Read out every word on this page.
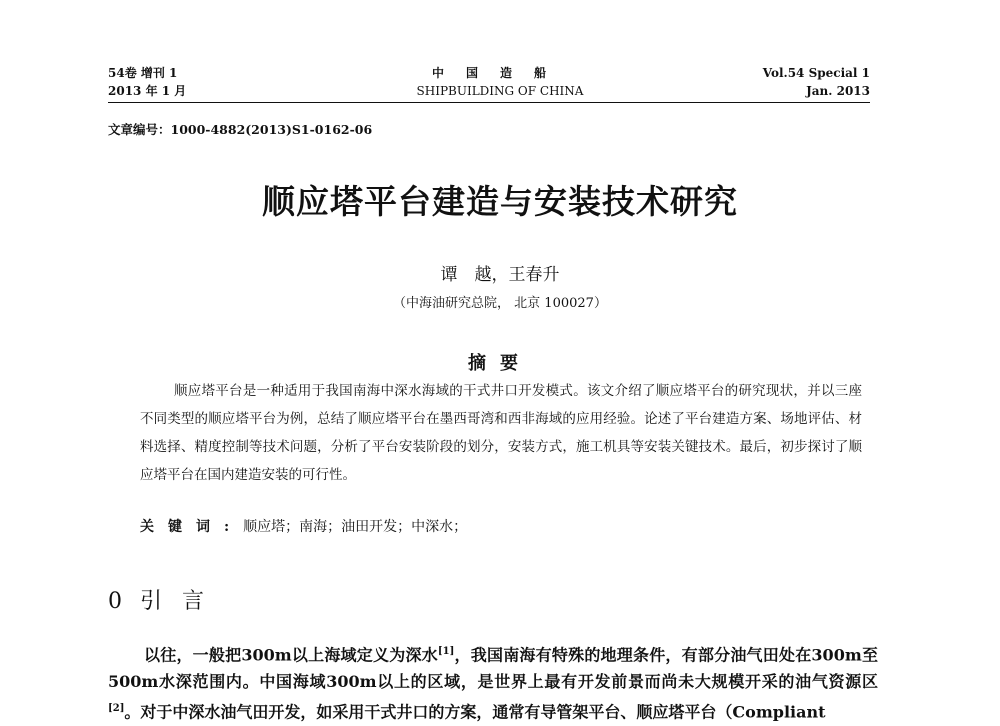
54卷 增刊 1
2013 年 1 月
中国造船
SHIPBUILDING OF CHINA
Vol.54 Special 1
Jan. 2013
文章编号：1000-4882(2013)S1-0162-06
顺应塔平台建造与安装技术研究
谭　越，王春升
（中海油研究总院， 北京 100027）
摘要

顺应塔平台是一种适用于我国南海中深水海域的干式井口开发模式。该文介绍了顺应塔平台的研究现状，并以三座不同类型的顺应塔平台为例，总结了顺应塔平台在墨西哥湾和西非海域的应用经验。论述了平台建造方案、场地评估、材料选择、精度控制等技术问题，分析了平台安装阶段的划分，安装方式，施工机具等安装关键技术。最后，初步探讨了顺应塔平台在国内建造安装的可行性。

关键词:顺应塔；南海；油田开发；中深水；
0 引言

以往，一般把300m以上海域定义为深水[1]，我国南海有特殊的地理条件，有部分油气田处在300m至500m水深范围内。中国海域300m以上的区域，是世界上最有开发前景而尚未大规模开采的油气资源区[2]。对于中深水油气田开发，如采用干式井口的方案，通常有导管架平台、顺应塔平台（Compliant
